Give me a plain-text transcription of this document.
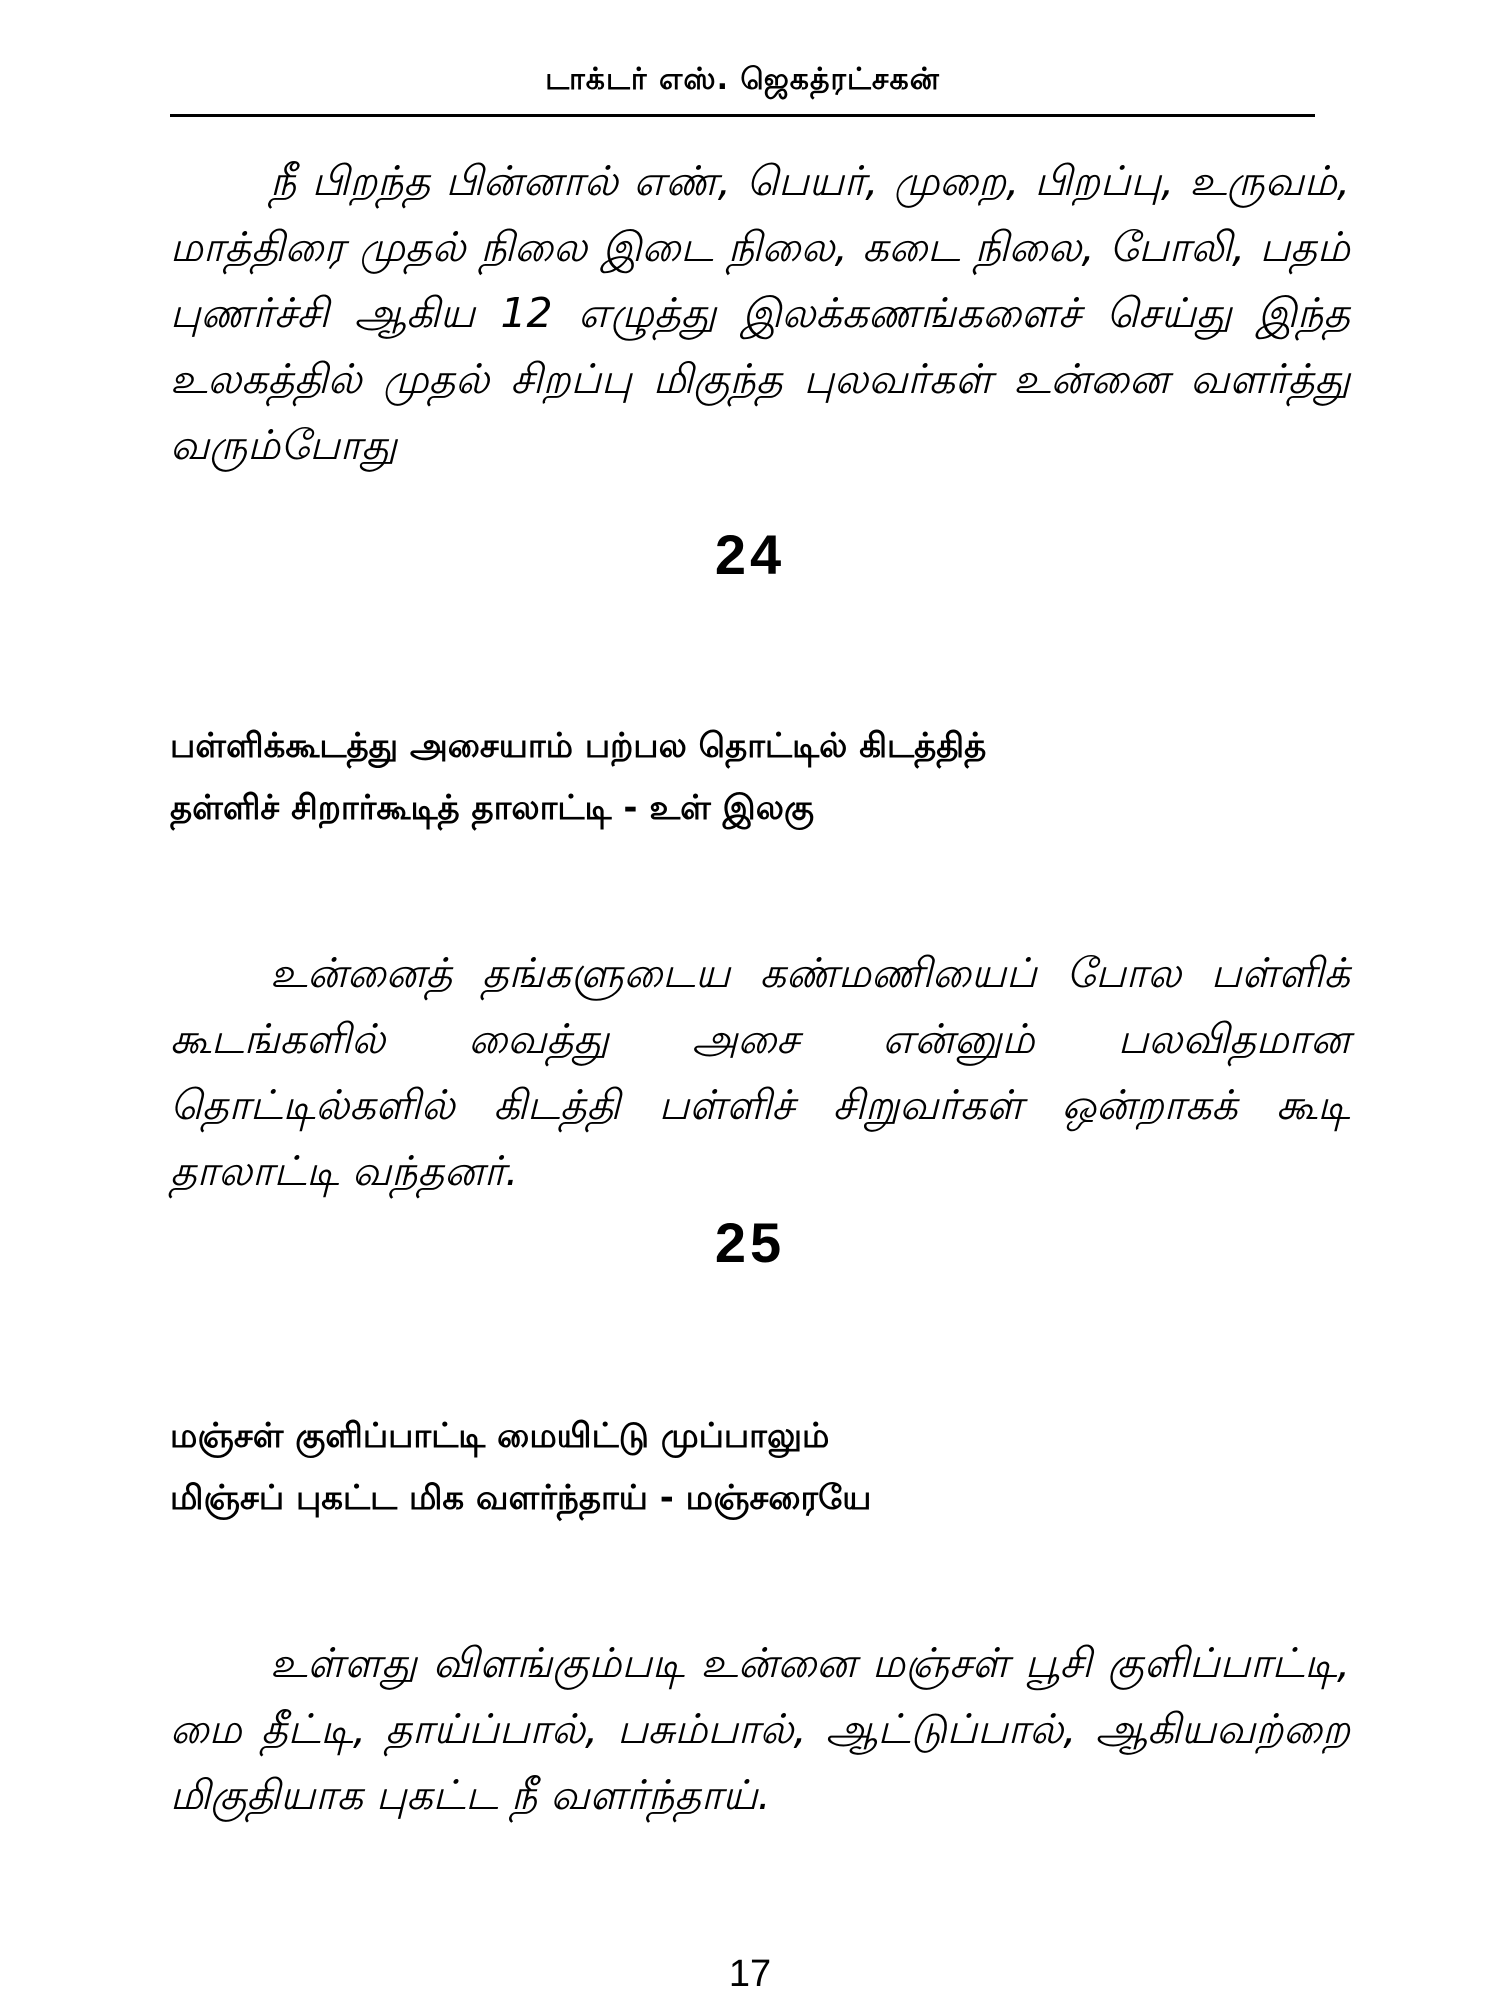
டாக்டர் எஸ். ஜெகத்ரட்சகன்

நீ பிறந்த பின்னால் எண், பெயர், முறை, பிறப்பு, உருவம், மாத்திரை முதல் நிலை இடை நிலை, கடை நிலை, போலி, பதம் புணர்ச்சி ஆகிய 12 எழுத்து இலக்கணங்களைச் செய்து இந்த உலகத்தில் முதல் சிறப்பு மிகுந்த புலவர்கள் உன்னை வளர்த்து வரும்போது

24
பள்ளிக்கூடத்து அசையாம் பற்பல தொட்டில் கிடத்தித்
தள்ளிச் சிறார்கூடித் தாலாட்டி - உள் இலகு

உன்னைத் தங்களுடைய கண்மணியைப் போல பள்ளிக் கூடங்களில் வைத்து அசை என்னும் பலவிதமான தொட்டில்களில் கிடத்தி பள்ளிச் சிறுவர்கள் ஒன்றாகக் கூடி தாலாட்டி வந்தனர்.

25
மஞ்சள் குளிப்பாட்டி மையிட்டு முப்பாலும்
மிஞ்சப் புகட்ட மிக வளர்ந்தாய் - மஞ்சரையே

உள்ளது விளங்கும்படி உன்னை மஞ்சள் பூசி குளிப்பாட்டி, மை தீட்டி, தாய்ப்பால், பசும்பால், ஆட்டுப்பால், ஆகியவற்றை மிகுதியாக புகட்ட நீ வளர்ந்தாய்.

17
